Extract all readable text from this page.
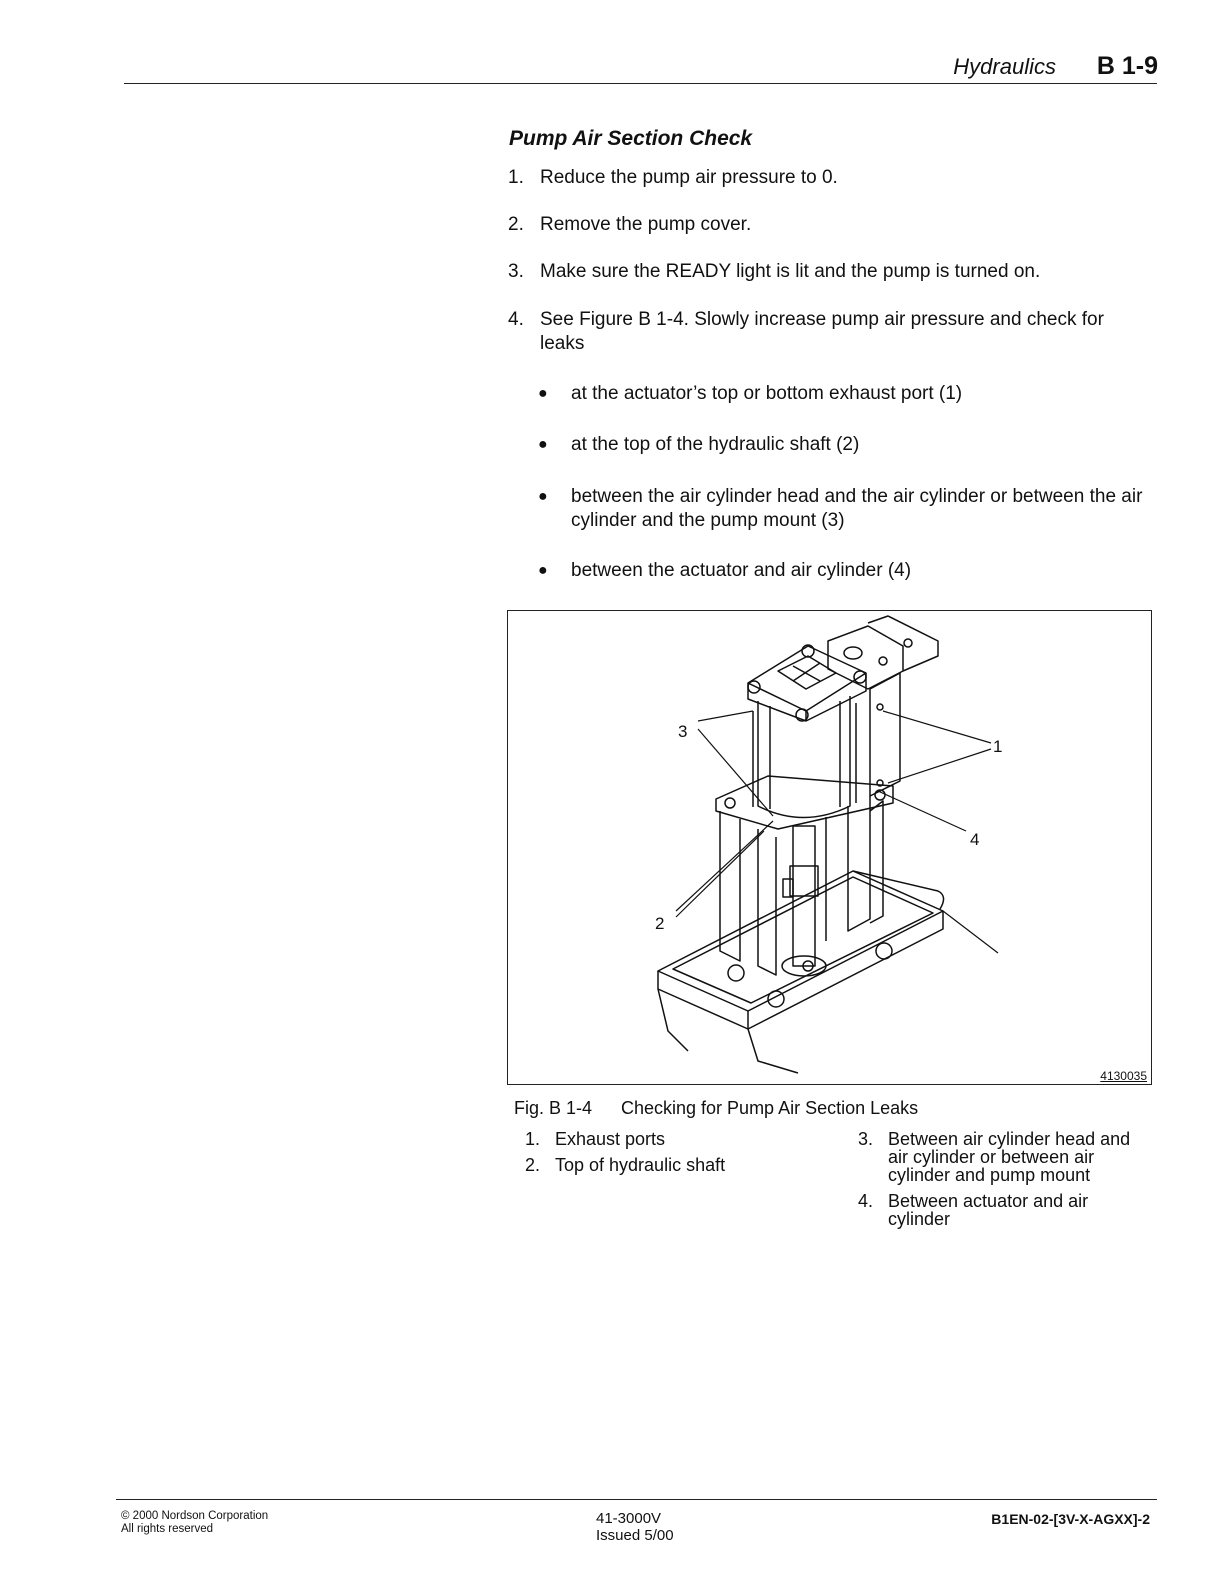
Hydraulics B 1-9
Pump Air Section Check
1. Reduce the pump air pressure to 0.
2. Remove the pump cover.
3. Make sure the READY light is lit and the pump is turned on.
4. See Figure B 1-4. Slowly increase pump air pressure and check for leaks
● at the actuator’s top or bottom exhaust port (1)
● at the top of the hydraulic shaft (2)
● between the air cylinder head and the air cylinder or between the air cylinder and the pump mount (3)
● between the actuator and air cylinder (4)
1
2
3
4
4130035
Fig. B 1-4 Checking for Pump Air Section Leaks
1. Exhaust ports
2. Top of hydraulic shaft
3. Between air cylinder head and air cylinder or between air cylinder and pump mount
4. Between actuator and air cylinder
© 2000 Nordson Corporation
All rights reserved
41-3000V
Issued 5/00
B1EN-02-[3V-X-AGXX]-2
